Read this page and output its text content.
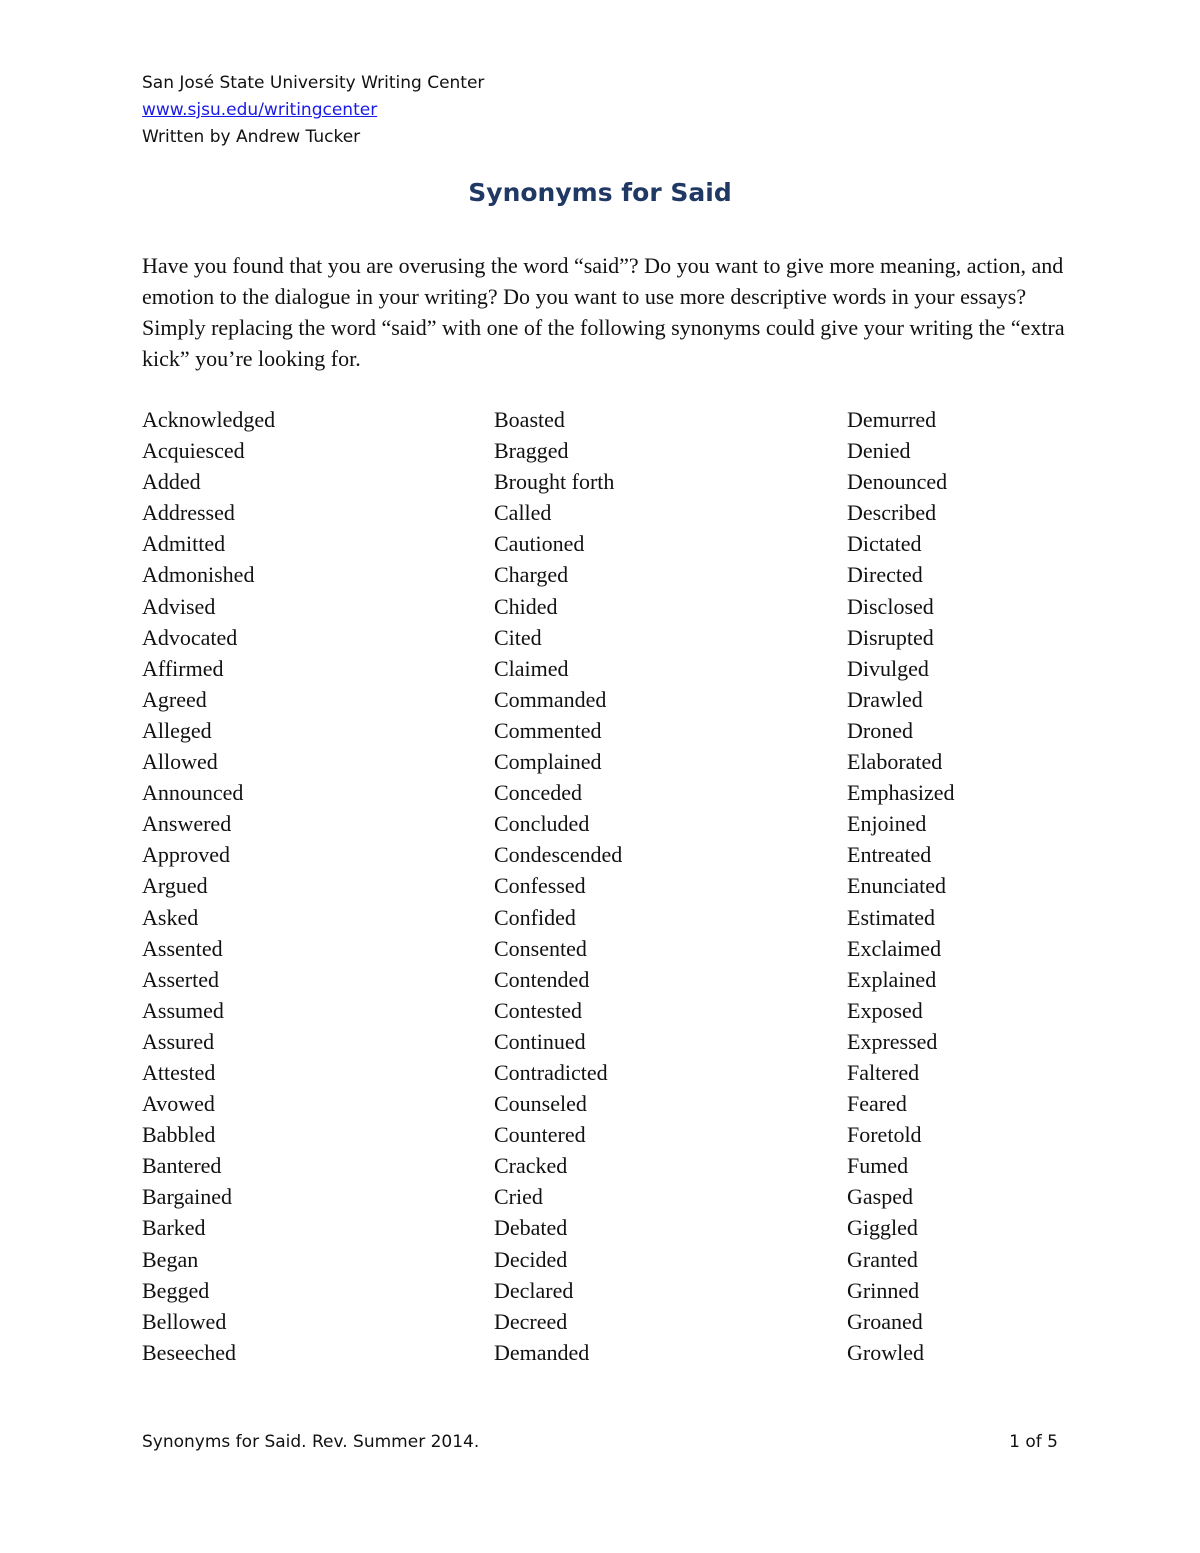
San José State University Writing Center
www.sjsu.edu/writingcenter
Written by Andrew Tucker
Synonyms for Said

Have you found that you are overusing the word “said”? Do you want to give more meaning, action, and emotion to the dialogue in your writing? Do you want to use more descriptive words in your essays? Simply replacing the word “said” with one of the following synonyms could give your writing the “extra kick” you’re looking for.

Acknowledged
Acquiesced
Added
Addressed
Admitted
Admonished
Advised
Advocated
Affirmed
Agreed
Alleged
Allowed
Announced
Answered
Approved
Argued
Asked
Assented
Asserted
Assumed
Assured
Attested
Avowed
Babbled
Bantered
Bargained
Barked
Began
Begged
Bellowed
Beseeched
Boasted
Bragged
Brought forth
Called
Cautioned
Charged
Chided
Cited
Claimed
Commanded
Commented
Complained
Conceded
Concluded
Condescended
Confessed
Confided
Consented
Contended
Contested
Continued
Contradicted
Counseled
Countered
Cracked
Cried
Debated
Decided
Declared
Decreed
Demanded
Demurred
Denied
Denounced
Described
Dictated
Directed
Disclosed
Disrupted
Divulged
Drawled
Droned
Elaborated
Emphasized
Enjoined
Entreated
Enunciated
Estimated
Exclaimed
Explained
Exposed
Expressed
Faltered
Feared
Foretold
Fumed
Gasped
Giggled
Granted
Grinned
Groaned
Growled
Synonyms for Said. Rev. Summer 2014.	1 of 5
